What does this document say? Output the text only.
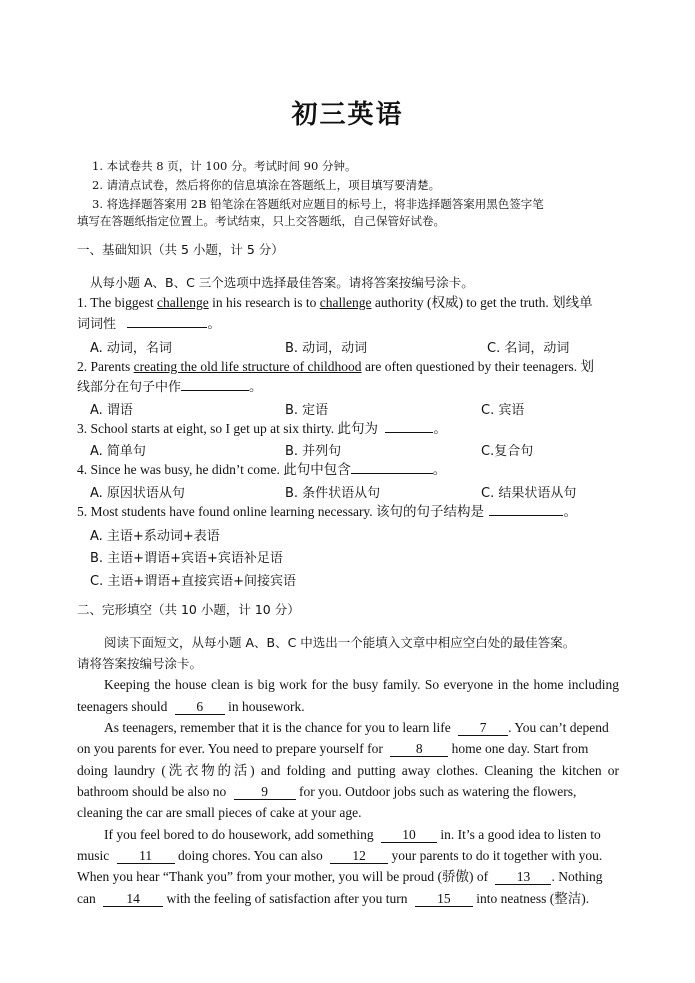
初三英语
1. 本试卷共 8 页，计 100 分。考试时间 90 分钟。
2. 请清点试卷，然后将你的信息填涂在答题纸上，项目填写要清楚。
3. 将选择题答案用 2B 铅笔涂在答题纸对应题目的标号上，将非选择题答案用黑色签字笔
填写在答题纸指定位置上。考试结束，只上交答题纸，自己保管好试卷。
一、基础知识（共 5 小题，计 5 分）
从每小题 A、B、C 三个选项中选择最佳答案。请将答案按编号涂卡。
1. The biggest challenge in his research is to challenge authority (权威) to get the truth. 划线单
词词性	。
A. 动词，名词	B. 动词，动词	C. 名词，动词
2. Parents creating the old life structure of childhood are often questioned by their teenagers. 划
线部分在句子中作	。
A. 谓语	B. 定语	C. 宾语
3. School starts at eight, so I get up at six thirty. 此句为	。
A. 简单句	B. 并列句	C.复合句
4. Since he was busy, he didn’t come. 此句中包含	。
A. 原因状语从句	B. 条件状语从句	C. 结果状语从句
5. Most students have found online learning necessary. 该句的句子结构是	。
A. 主语+系动词+表语
B. 主语+谓语+宾语+宾语补足语
C. 主语+谓语+直接宾语+间接宾语
二、完形填空（共 10 小题，计 10 分）
阅读下面短文，从每小题 A、B、C 中选出一个能填入文章中相应空白处的最佳答案。
请将答案按编号涂卡。
Keeping the house clean is big work for the busy family. So everyone in the home including
teenagers should 6 in housework.
As teenagers, remember that it is the chance for you to learn life 7 . You can’t depend
on you parents for ever. You need to prepare yourself for 8 home one day. Start from
doing laundry (洗衣物的活) and folding and putting away clothes. Cleaning the kitchen or
bathroom should be also no 9 for you. Outdoor jobs such as watering the flowers,
cleaning the car are small pieces of cake at your age.
If you feel bored to do housework, add something 10 in. It’s a good idea to listen to
music 11 doing chores. You can also 12 your parents to do it together with you.
When you hear “Thank you” from your mother, you will be proud (骄傲) of 13 . Nothing
can 14 with the feeling of satisfaction after you turn 15 into neatness (整洁).
